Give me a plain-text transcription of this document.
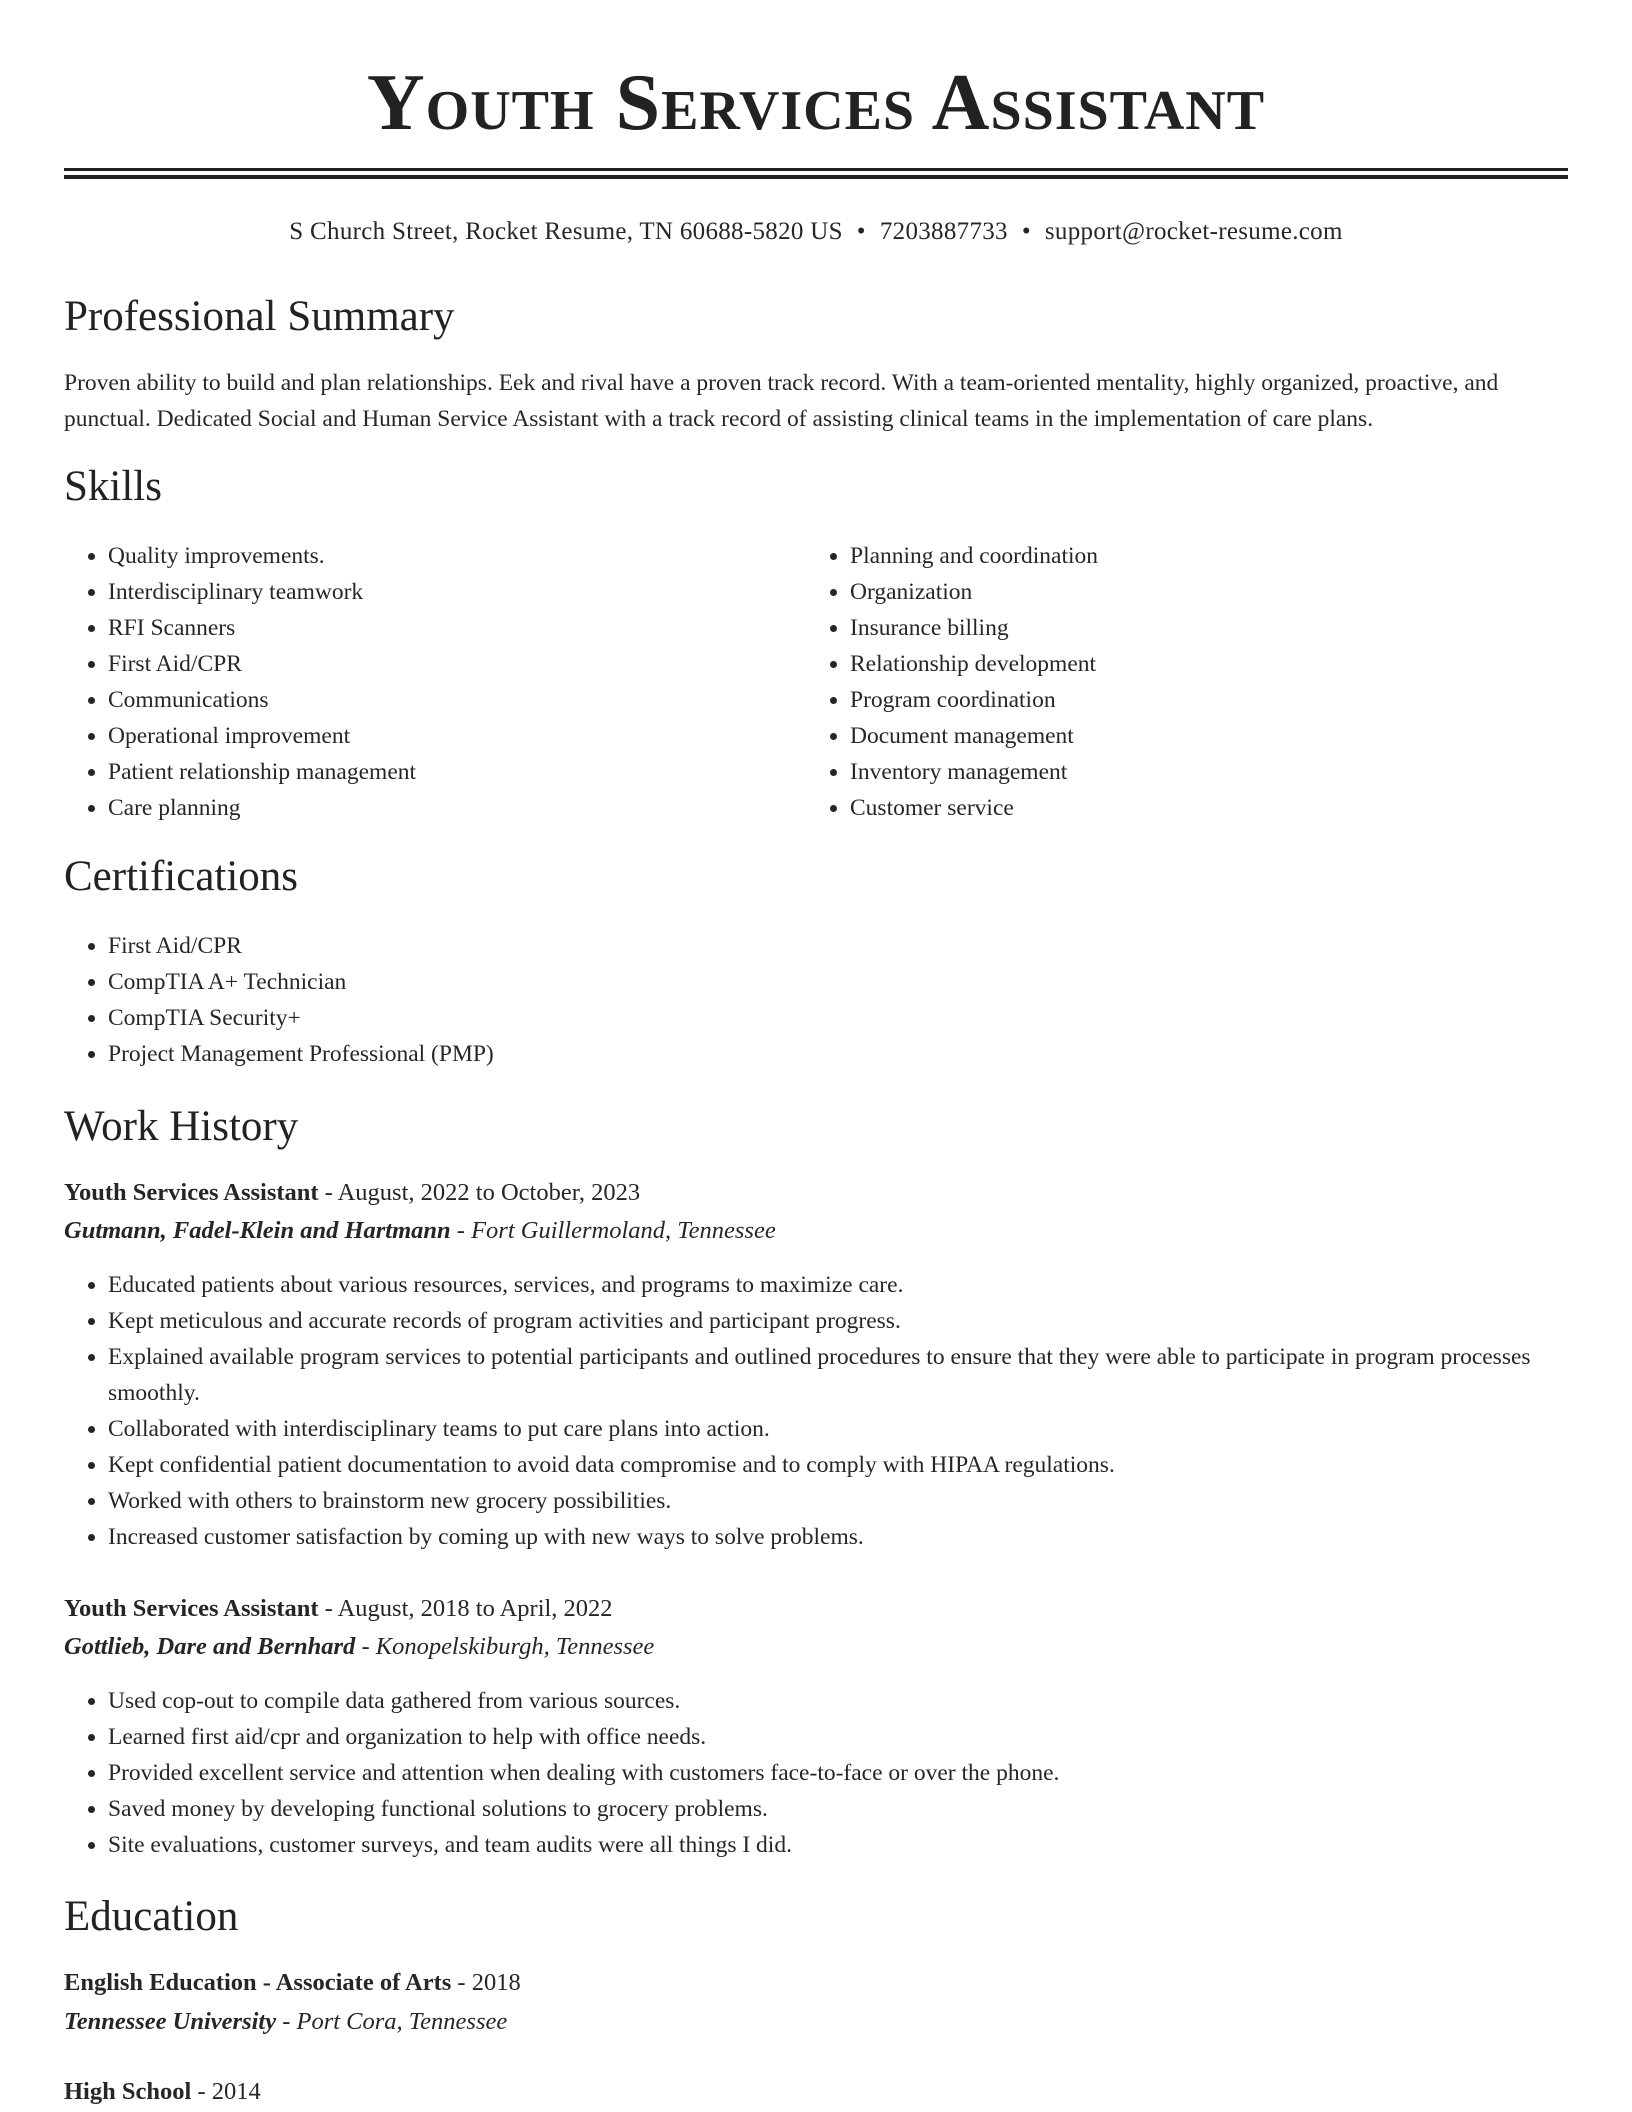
Youth Services Assistant
S Church Street, Rocket Resume, TN 60688-5820 US • 7203887733 • support@rocket-resume.com
Professional Summary

Proven ability to build and plan relationships. Eek and rival have a proven track record. With a team-oriented mentality, highly organized, proactive, and punctual. Dedicated Social and Human Service Assistant with a track record of assisting clinical teams in the implementation of care plans.

Skills
• Quality improvements.
• Interdisciplinary teamwork
• RFI Scanners
• First Aid/CPR
• Communications
• Operational improvement
• Patient relationship management
• Care planning
• Planning and coordination
• Organization
• Insurance billing
• Relationship development
• Program coordination
• Document management
• Inventory management
• Customer service
Certifications
• First Aid/CPR
• CompTIA A+ Technician
• CompTIA Security+
• Project Management Professional (PMP)
Work History
Youth Services Assistant - August, 2022 to October, 2023
Gutmann, Fadel-Klein and Hartmann - Fort Guillermoland, Tennessee
• Educated patients about various resources, services, and programs to maximize care.
• Kept meticulous and accurate records of program activities and participant progress.
• Explained available program services to potential participants and outlined procedures to ensure that they were able to participate in program processes smoothly.
• Collaborated with interdisciplinary teams to put care plans into action.
• Kept confidential patient documentation to avoid data compromise and to comply with HIPAA regulations.
• Worked with others to brainstorm new grocery possibilities.
• Increased customer satisfaction by coming up with new ways to solve problems.
Youth Services Assistant - August, 2018 to April, 2022
Gottlieb, Dare and Bernhard - Konopelskiburgh, Tennessee
• Used cop-out to compile data gathered from various sources.
• Learned first aid/cpr and organization to help with office needs.
• Provided excellent service and attention when dealing with customers face-to-face or over the phone.
• Saved money by developing functional solutions to grocery problems.
• Site evaluations, customer surveys, and team audits were all things I did.
Education
English Education - Associate of Arts - 2018
Tennessee University - Port Cora, Tennessee
High School - 2014
